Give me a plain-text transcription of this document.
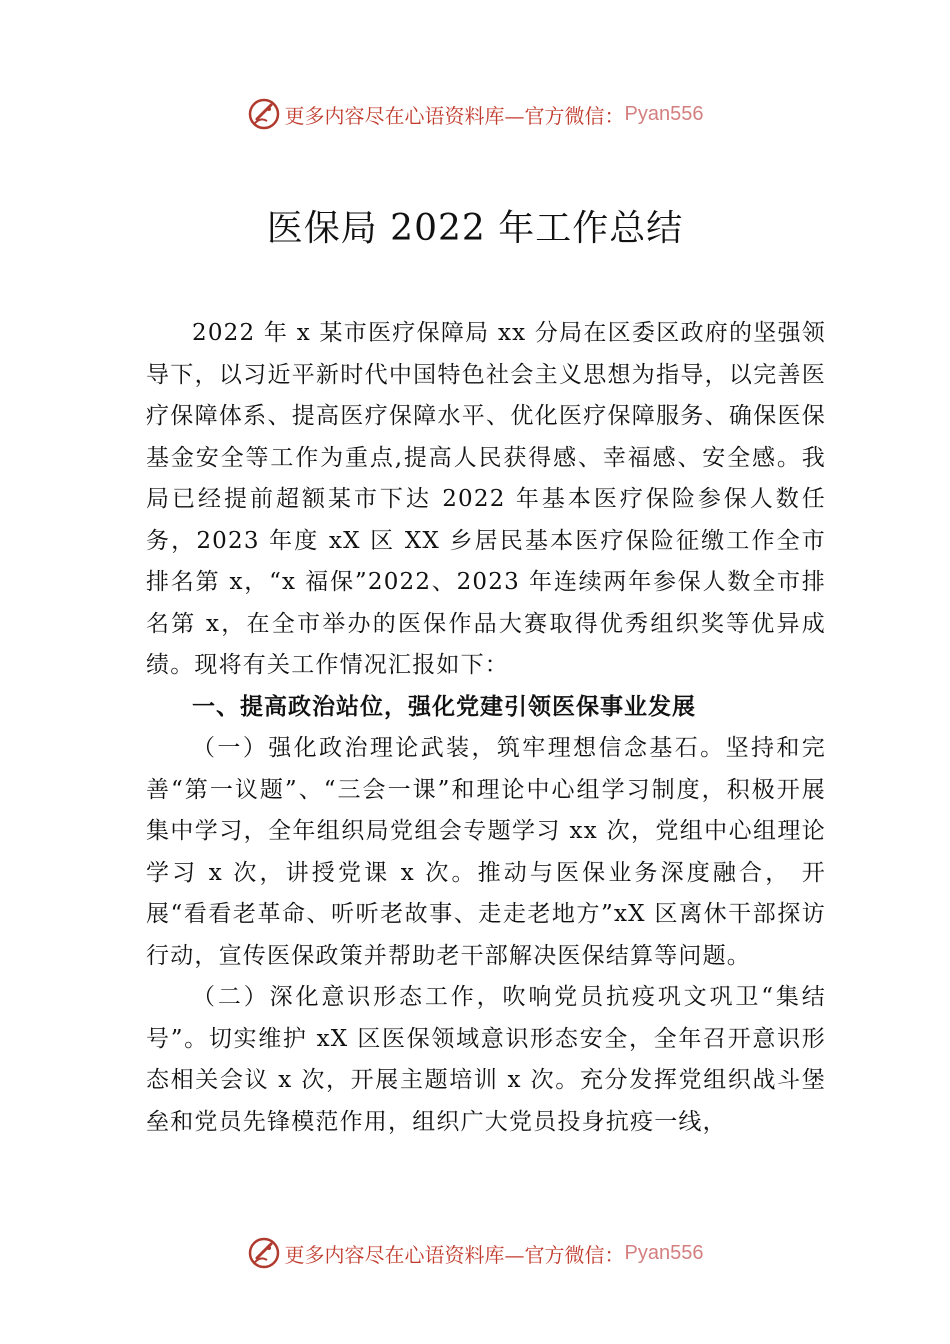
更多内容尽在心语资料库—官方微信： Pyan556
医保局 2022 年工作总结

2022 年 x 某市医疗保障局 xx 分局在区委区政府的坚强领导下，以习近平新时代中国特色社会主义思想为指导，以完善医疗保障体系、提高医疗保障水平、优化医疗保障服务、确保医保基金安全等工作为重点,提高人民获得感、幸福感、安全感。我局已经提前超额某市下达 2022 年基本医疗保险参保人数任务，2023 年度 xX 区 XX 乡居民基本医疗保险征缴工作全市排名第 x，“x 福保”2022、2023 年连续两年参保人数全市排名第 x，在全市举办的医保作品大赛取得优秀组织奖等优异成绩。现将有关工作情况汇报如下：

一、提高政治站位，强化党建引领医保事业发展

（一）强化政治理论武装，筑牢理想信念基石。坚持和完善“第一议题”、“三会一课”和理论中心组学习制度，积极开展集中学习，全年组织局党组会专题学习 xx 次，党组中心组理论学习 x 次，讲授党课 x 次。推动与医保业务深度融合， 开展“看看老革命、听听老故事、走走老地方”xX 区离休干部探访行动，宣传医保政策并帮助老干部解决医保结算等问题。

（二）深化意识形态工作，吹响党员抗疫巩文巩卫“集结号”。切实维护 xX 区医保领域意识形态安全，全年召开意识形态相关会议 x 次，开展主题培训 x 次。充分发挥党组织战斗堡垒和党员先锋模范作用，组织广大党员投身抗疫一线，

更多内容尽在心语资料库—官方微信： Pyan556
